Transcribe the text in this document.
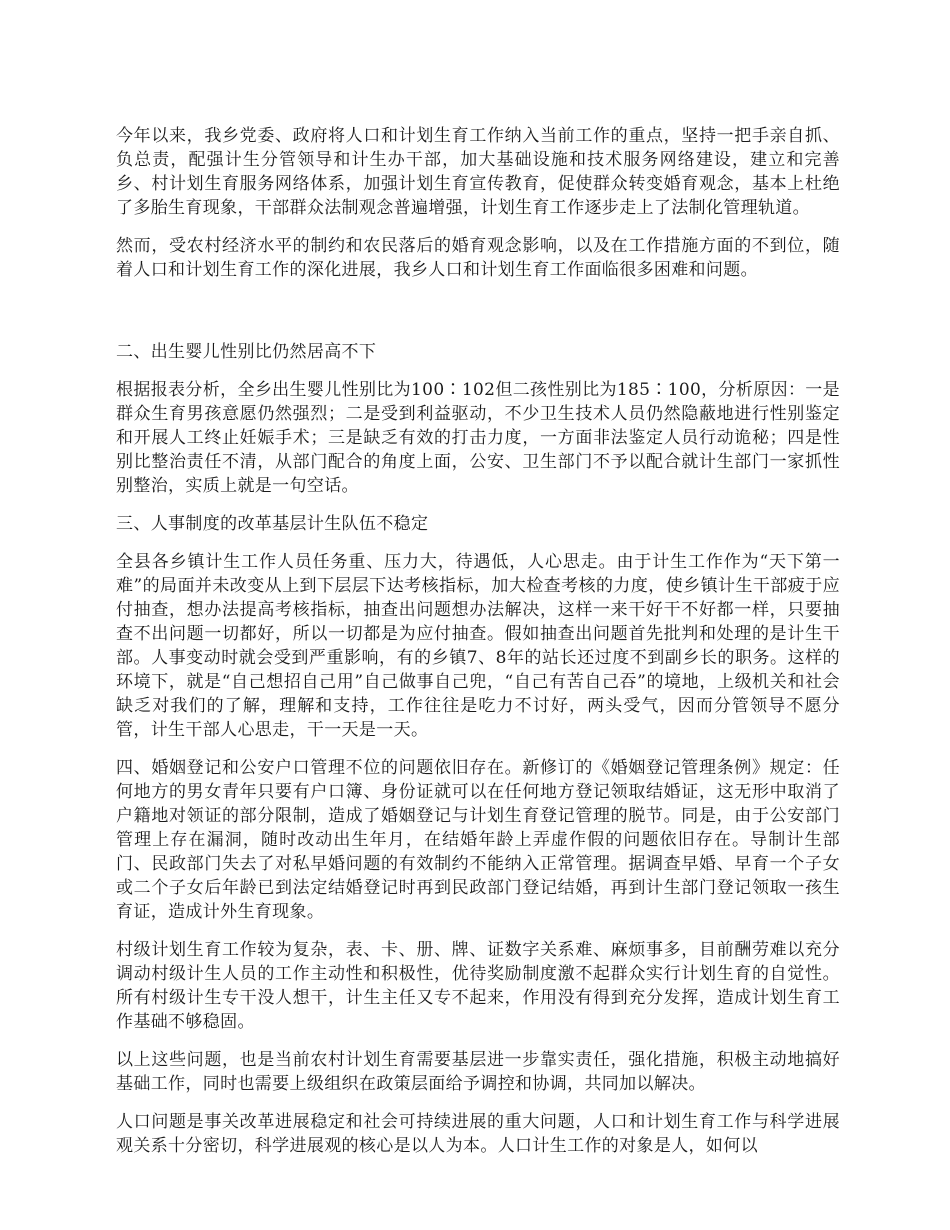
今年以来，我乡党委、政府将人口和计划生育工作纳入当前工作的重点，坚持一把手亲自抓、负总责，配强计生分管领导和计生办干部，加大基础设施和技术服务网络建设，建立和完善乡、村计划生育服务网络体系，加强计划生育宣传教育，促使群众转变婚育观念，基本上杜绝了多胎生育现象，干部群众法制观念普遍增强，计划生育工作逐步走上了法制化管理轨道。

然而，受农村经济水平的制约和农民落后的婚育观念影响，以及在工作措施方面的不到位，随着人口和计划生育工作的深化进展，我乡人口和计划生育工作面临很多困难和问题。

二、出生婴儿性别比仍然居高不下

根据报表分析，全乡出生婴儿性别比为100∶102但二孩性别比为185∶100，分析原因：一是群众生育男孩意愿仍然强烈；二是受到利益驱动，不少卫生技术人员仍然隐蔽地进行性别鉴定和开展人工终止妊娠手术；三是缺乏有效的打击力度，一方面非法鉴定人员行动诡秘；四是性别比整治责任不清，从部门配合的角度上面，公安、卫生部门不予以配合就计生部门一家抓性别整治，实质上就是一句空话。

三、人事制度的改革基层计生队伍不稳定

全县各乡镇计生工作人员任务重、压力大，待遇低，人心思走。由于计生工作作为“天下第一难”的局面并未改变从上到下层层下达考核指标，加大检查考核的力度，使乡镇计生干部疲于应付抽查，想办法提高考核指标，抽查出问题想办法解决，这样一来干好干不好都一样，只要抽查不出问题一切都好，所以一切都是为应付抽查。假如抽查出问题首先批判和处理的是计生干部。人事变动时就会受到严重影响，有的乡镇7、8年的站长还过度不到副乡长的职务。这样的环境下，就是“自己想招自己用”自己做事自己兜，“自己有苦自己吞”的境地，上级机关和社会缺乏对我们的了解，理解和支持，工作往往是吃力不讨好，两头受气，因而分管领导不愿分管，计生干部人心思走，干一天是一天。

四、婚姻登记和公安户口管理不位的问题依旧存在。新修订的《婚姻登记管理条例》规定：任何地方的男女青年只要有户口簿、身份证就可以在任何地方登记领取结婚证，这无形中取消了户籍地对领证的部分限制，造成了婚姻登记与计划生育登记管理的脱节。同是，由于公安部门管理上存在漏洞，随时改动出生年月，在结婚年龄上弄虚作假的问题依旧存在。导制计生部门、民政部门失去了对私早婚问题的有效制约不能纳入正常管理。据调查早婚、早育一个子女或二个子女后年龄已到法定结婚登记时再到民政部门登记结婚，再到计生部门登记领取一孩生育证，造成计外生育现象。

村级计划生育工作较为复杂，表、卡、册、牌、证数字关系难、麻烦事多，目前酬劳难以充分调动村级计生人员的工作主动性和积极性，优待奖励制度激不起群众实行计划生育的自觉性。所有村级计生专干没人想干，计生主任又专不起来，作用没有得到充分发挥，造成计划生育工作基础不够稳固。

以上这些问题，也是当前农村计划生育需要基层进一步靠实责任，强化措施，积极主动地搞好基础工作，同时也需要上级组织在政策层面给予调控和协调，共同加以解决。

人口问题是事关改革进展稳定和社会可持续进展的重大问题，人口和计划生育工作与科学进展观关系十分密切，科学进展观的核心是以人为本。人口计生工作的对象是人，如何以
